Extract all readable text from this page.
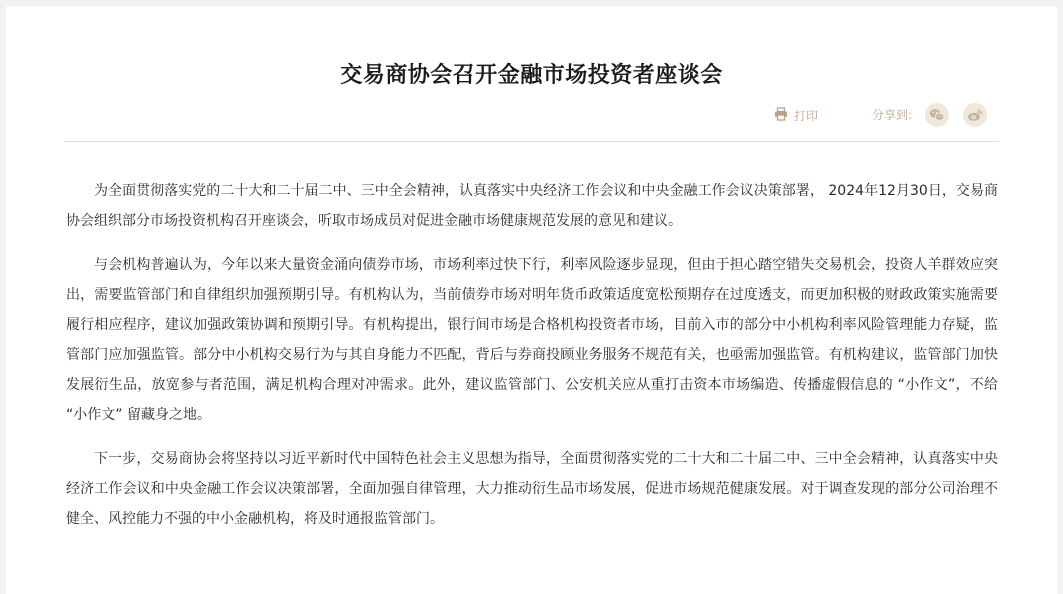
交易商协会召开金融市场投资者座谈会
打印	分享到:

为全面贯彻落实党的二十大和二十届二中、三中全会精神，认真落实中央经济工作会议和中央金融工作会议决策部署， 2024年12月30日，交易商协会组织部分市场投资机构召开座谈会，听取市场成员对促进金融市场健康规范发展的意见和建议。

与会机构普遍认为，今年以来大量资金涌向债券市场，市场利率过快下行，利率风险逐步显现，但由于担心踏空错失交易机会，投资人羊群效应突出，需要监管部门和自律组织加强预期引导。有机构认为，当前债券市场对明年货币政策适度宽松预期存在过度透支，而更加积极的财政政策实施需要履行相应程序，建议加强政策协调和预期引导。有机构提出，银行间市场是合格机构投资者市场，目前入市的部分中小机构利率风险管理能力存疑，监管部门应加强监管。部分中小机构交易行为与其自身能力不匹配，背后与券商投顾业务服务不规范有关，也亟需加强监管。有机构建议，监管部门加快发展衍生品，放宽参与者范围，满足机构合理对冲需求。此外，建议监管部门、公安机关应从重打击资本市场编造、传播虚假信息的 “小作文”，不给 “小作文” 留藏身之地。

下一步，交易商协会将坚持以习近平新时代中国特色社会主义思想为指导，全面贯彻落实党的二十大和二十届二中、三中全会精神，认真落实中央经济工作会议和中央金融工作会议决策部署，全面加强自律管理，大力推动衍生品市场发展，促进市场规范健康发展。对于调查发现的部分公司治理不健全、风控能力不强的中小金融机构，将及时通报监管部门。
